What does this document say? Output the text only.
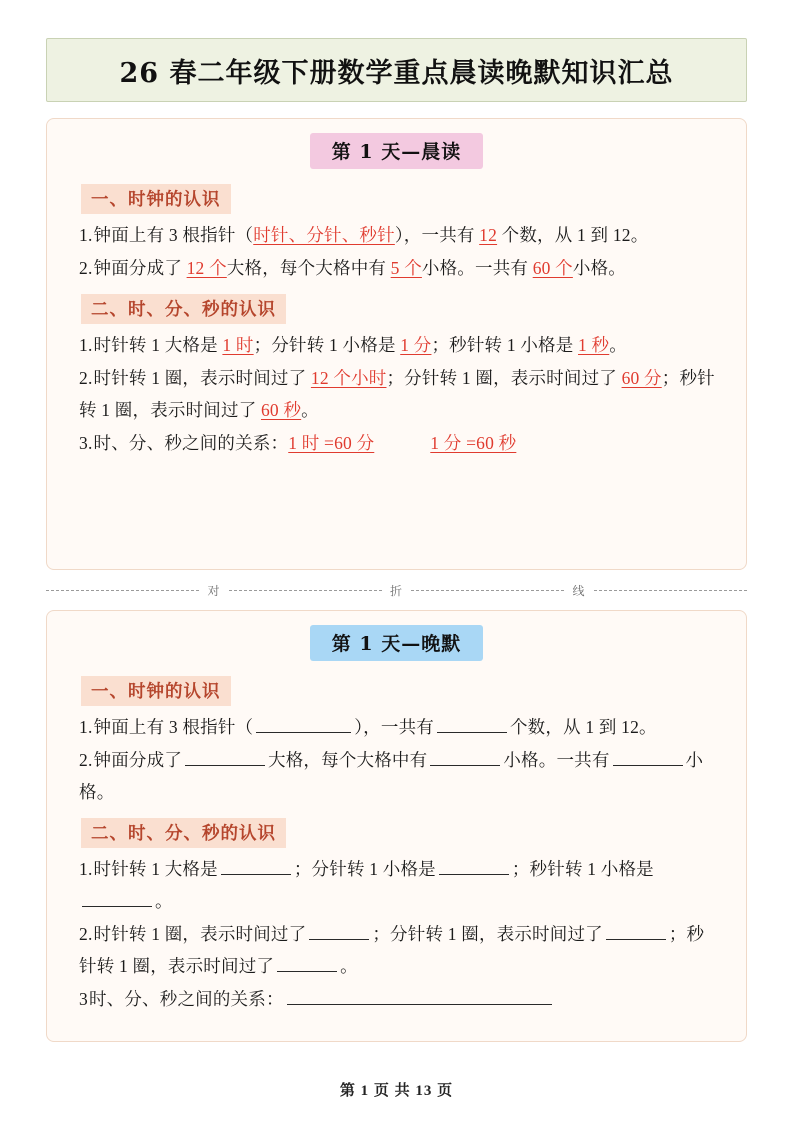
26 春二年级下册数学重点晨读晚默知识汇总
第 1 天—晨读
一、时钟的认识
1.钟面上有 3 根指针（时针、分针、秒针），一共有 12 个数，从 1 到 12。
2.钟面分成了 12 个大格，每个大格中有 5 个小格。一共有 60 个小格。
二、时、分、秒的认识
1.时针转 1 大格是 1 时；分针转 1 小格是 1 分；秒针转 1 小格是 1 秒。
2.时针转 1 圈，表示时间过了 12 个小时；分针转 1 圈，表示时间过了 60 分；秒针转 1 圈，表示时间过了 60 秒。
3.时、分、秒之间的关系：1 时 =60 分	1 分 =60 秒
对	折	线
第 1 天—晚默
一、时钟的认识
1.钟面上有 3 根指针（	），一共有	个数，从 1 到 12。
2.钟面分成了	大格，每个大格中有	小格。一共有	小格。
二、时、分、秒的认识
1.时针转 1 大格是	；分针转 1 小格是	；秒针转 1 小格是。
2.时针转 1 圈，表示时间过了	；分针转 1 圈，表示时间过了	；秒针转 1 圈，表示时间过了	。
3时、分、秒之间的关系：
第 1 页 共 13 页
